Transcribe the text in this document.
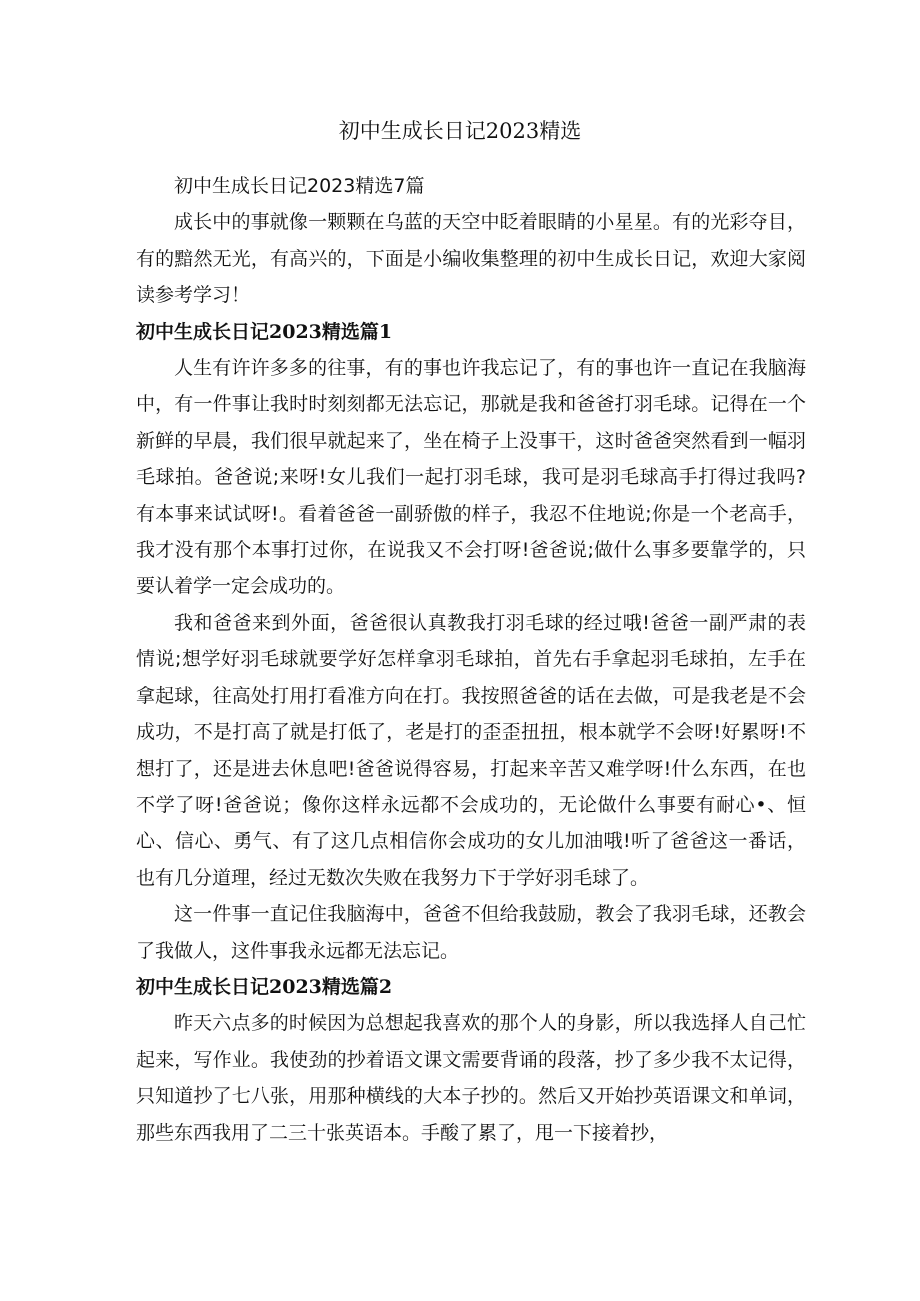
初中生成长日记2023精选

初中生成长日记2023精选7篇

成长中的事就像一颗颗在乌蓝的天空中眨着眼睛的小星星。有的光彩夺目，有的黯然无光，有高兴的，下面是小编收集整理的初中生成长日记，欢迎大家阅读参考学习！

初中生成长日记2023精选篇1

人生有许许多多的往事，有的事也许我忘记了，有的事也许一直记在我脑海中，有一件事让我时时刻刻都无法忘记，那就是我和爸爸打羽毛球。记得在一个新鲜的早晨，我们很早就起来了，坐在椅子上没事干，这时爸爸突然看到一幅羽毛球拍。爸爸说;来呀!女儿我们一起打羽毛球，我可是羽毛球高手打得过我吗?有本事来试试呀!。看着爸爸一副骄傲的样子，我忍不住地说;你是一个老高手，我才没有那个本事打过你，在说我又不会打呀!爸爸说;做什么事多要靠学的，只要认着学一定会成功的。

我和爸爸来到外面，爸爸很认真教我打羽毛球的经过哦!爸爸一副严肃的表情说;想学好羽毛球就要学好怎样拿羽毛球拍，首先右手拿起羽毛球拍，左手在拿起球，往高处打用打看准方向在打。我按照爸爸的话在去做，可是我老是不会成功，不是打高了就是打低了，老是打的歪歪扭扭，根本就学不会呀!好累呀!不想打了，还是进去休息吧!爸爸说得容易，打起来辛苦又难学呀!什么东西，在也不学了呀!爸爸说；像你这样永远都不会成功的，无论做什么事要有耐心•、恒心、信心、勇气、有了这几点相信你会成功的女儿加油哦!听了爸爸这一番话，也有几分道理，经过无数次失败在我努力下于学好羽毛球了。

这一件事一直记住我脑海中，爸爸不但给我鼓励，教会了我羽毛球，还教会了我做人，这件事我永远都无法忘记。

初中生成长日记2023精选篇2

昨天六点多的时候因为总想起我喜欢的那个人的身影，所以我选择人自己忙起来，写作业。我使劲的抄着语文课文需要背诵的段落，抄了多少我不太记得，只知道抄了七八张，用那种横线的大本子抄的。然后又开始抄英语课文和单词，那些东西我用了二三十张英语本。手酸了累了，甩一下接着抄，
